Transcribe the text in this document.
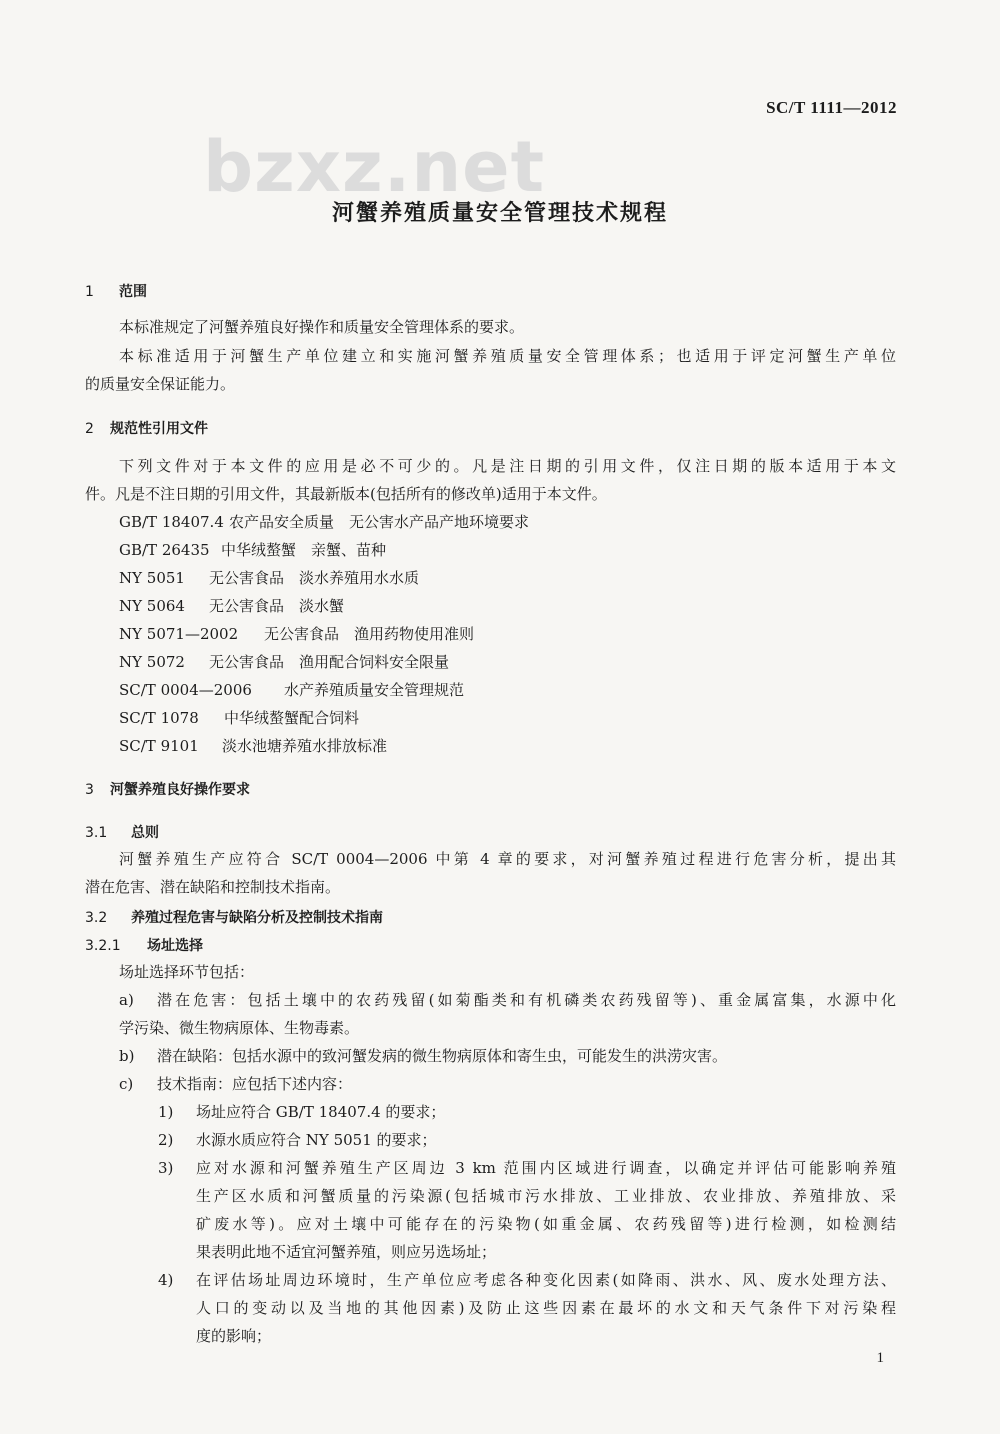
SC/T 1111—2012
bzxz.net
河蟹养殖质量安全管理技术规程
1 范围
本标准规定了河蟹养殖良好操作和质量安全管理体系的要求。
本标准适用于河蟹生产单位建立和实施河蟹养殖质量安全管理体系；也适用于评定河蟹生产单位
的质量安全保证能力。
2 规范性引用文件
下列文件对于本文件的应用是必不可少的。凡是注日期的引用文件，仅注日期的版本适用于本文
件。凡是不注日期的引用文件，其最新版本(包括所有的修改单)适用于本文件。
GB/T 18407.4 农产品安全质量　无公害水产品产地环境要求
GB/T 26435 中华绒螯蟹　亲蟹、苗种
NY 5051 无公害食品　淡水养殖用水水质
NY 5064 无公害食品　淡水蟹
NY 5071—2002 无公害食品　渔用药物使用准则
NY 5072 无公害食品　渔用配合饲料安全限量
SC/T 0004—2006 水产养殖质量安全管理规范
SC/T 1078 中华绒螯蟹配合饲料
SC/T 9101 淡水池塘养殖水排放标准
3 河蟹养殖良好操作要求
3.1 总则
河蟹养殖生产应符合 SC/T 0004—2006 中第 4 章的要求，对河蟹养殖过程进行危害分析，提出其
潜在危害、潜在缺陷和控制技术指南。
3.2 养殖过程危害与缺陷分析及控制技术指南
3.2.1 场址选择
场址选择环节包括：
a) 潜在危害：包括土壤中的农药残留(如菊酯类和有机磷类农药残留等)、重金属富集，水源中化
学污染、微生物病原体、生物毒素。
b) 潜在缺陷：包括水源中的致河蟹发病的微生物病原体和寄生虫，可能发生的洪涝灾害。
c) 技术指南：应包括下述内容：
1) 场址应符合 GB/T 18407.4 的要求；
2) 水源水质应符合 NY 5051 的要求；
3) 应对水源和河蟹养殖生产区周边 3 km 范围内区域进行调查，以确定并评估可能影响养殖
生产区水质和河蟹质量的污染源(包括城市污水排放、工业排放、农业排放、养殖排放、采
矿废水等)。应对土壤中可能存在的污染物(如重金属、农药残留等)进行检测，如检测结
果表明此地不适宜河蟹养殖，则应另选场址；
4) 在评估场址周边环境时，生产单位应考虑各种变化因素(如降雨、洪水、风、废水处理方法、
人口的变动以及当地的其他因素)及防止这些因素在最坏的水文和天气条件下对污染程
度的影响；
1
